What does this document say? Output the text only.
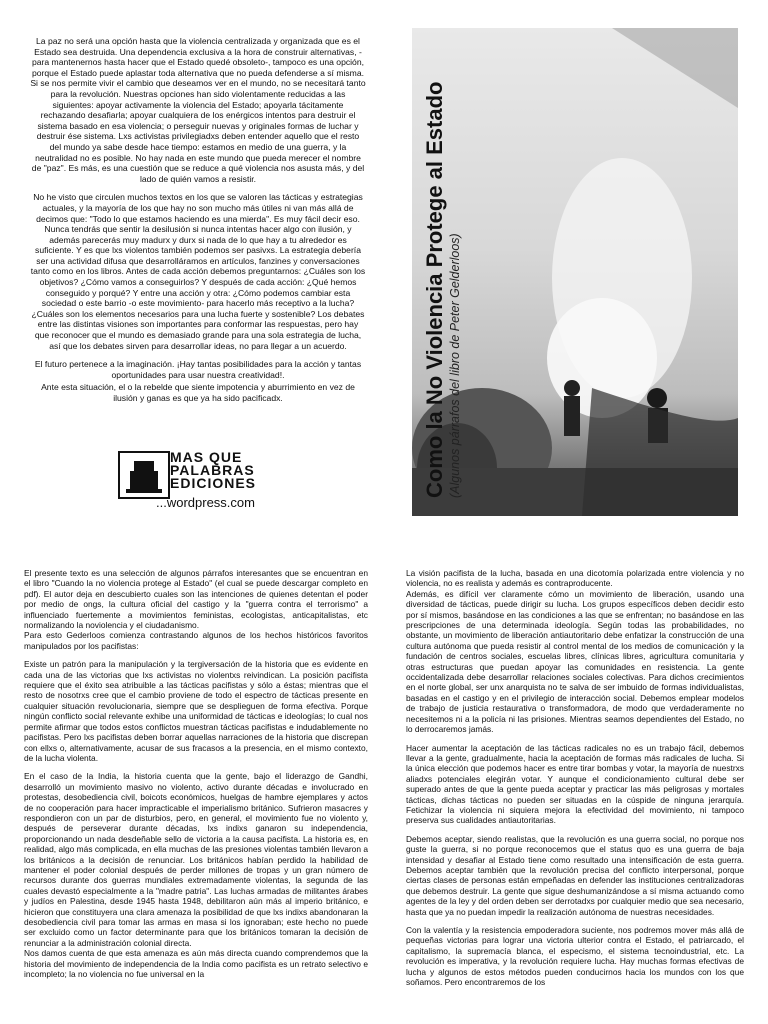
La paz no será una opción hasta que la violencia centralizada y organizada que es el Estado sea destruida. Una dependencia exclusiva a la hora de construir alternativas, -para mantenernos hasta hacer que el Estado quedé obsoleto-, tampoco es una opción, porque el Estado puede aplastar toda alternativa que no pueda defenderse a sí misma. Si se nos permite vivir el cambio que deseamos ver en el mundo, no se necesitará tanto para la revolución. Nuestras opciones han sido violentamente reducidas a las siguientes: apoyar activamente la violencia del Estado; apoyarla tácitamente rechazando desafiarla; apoyar cualquiera de los enérgicos intentos para destruir el sistema basado en esa violencia; o perseguir nuevas y originales formas de luchar y destruir ése sistema. Lxs activistas privilegiadxs deben entender aquello que el resto del mundo ya sabe desde hace tiempo: estamos en medio de una guerra, y la neutralidad no es posible. No hay nada en este mundo que pueda merecer el nombre de "paz". Es más, es una cuestión que se reduce a qué violencia nos asusta más, y del lado de quién vamos a resistir.

No he visto que circulen muchos textos en los que se valoren las tácticas y estrategias actuales, y la mayoría de los que hay no son mucho más útiles ni van más allá de decimos que: "Todo lo que estamos haciendo es una mierda". Es muy fácil decir eso. Nunca tendrás que sentir la desilusión si nunca intentas hacer algo con ilusión, y además parecerás muy madurx y durx si nada de lo que hay a tu alrededor es suficiente. Y es que lxs violentos también podemos ser pasivxs. La estrategia debería ser una actividad difusa que desarrolláramos en artículos, fanzines y conversaciones tanto como en los libros. Antes de cada acción debemos preguntarnos: ¿Cuáles son los objetivos? ¿Cómo vamos a conseguirlos? Y después de cada acción: ¿Qué hemos conseguido y porqué? Y entre una acción y otra: ¿Cómo podemos cambiar esta sociedad o este barrio -o este movimiento- para hacerlo más receptivo a la lucha? ¿Cuáles son los elementos necesarios para una lucha fuerte y sostenible? Los debates entre las distintas visiones son importantes para conformar las respuestas, pero hay que reconocer que el mundo es demasiado grande para una sola estrategia de lucha, así que los debates sirven para desarrollar ideas, no para llegar a un acuerdo.

El futuro pertenece a la imaginación. ¡Hay tantas posibilidades para la acción y tantas oportunidades para usar nuestra creatividad!.

Ante esta situación, el o la rebelde que siente impotencia y aburrimiento en vez de ilusión y ganas es que ya ha sido pacificadx.	Como la No Violencia Protege al Estado (Algunos párrafos del libro de Peter Gelderloos)
MAS QUE
PALABRAS
EDICIONES
...wordpress.com

El presente texto es una selección de algunos párrafos interesantes que se encuentran en el libro "Cuando la no violencia protege al Estado" (el cual se puede descargar completo en pdf). El autor deja en descubierto cuales son las intenciones de quienes detentan el poder por medio de ongs, la cultura oficial del castigo y la "guerra contra el terrorismo" a influenciado fuertemente a movimientos feministas, ecologistas, anticapitalistas, etc normalizando la noviolencia y el ciudadanismo.

Para esto Gederloos comienza contrastando algunos de los hechos históricos favoritos manipulados por los pacifistas:

Existe un patrón para la manipulación y la tergiversación de la historia que es evidente en cada una de las victorias que lxs activistas no violentxs reivindican. La posición pacifista requiere que el éxito sea atribuible a las tácticas pacifistas y sólo a éstas; mientras que el resto de nosotrxs cree que el cambio proviene de todo el espectro de tácticas presente en cualquier situación revolucionaria, siempre que se desplieguen de forma efectiva. Porque ningún conflicto social relevante exhibe una uniformidad de tácticas e ideologías; lo cual nos permite afirmar que todos estos conflictos muestran tácticas pacifistas e indudablemente no pacifistas. Pero lxs pacifistas deben borrar aquellas narraciones de la historia que discrepan con ellxs o, alternativamente, acusar de sus fracasos a la presencia, en el mismo contexto, de la lucha violenta.

En el caso de la India, la historia cuenta que la gente, bajo el liderazgo de Gandhi, desarrolló un movimiento masivo no violento, activo durante décadas e involucrado en protestas, desobediencia civil, boicots económicos, huelgas de hambre ejemplares y actos de no cooperación para hacer impracticable el imperialismo británico. Sufrieron masacres y respondieron con un par de disturbios, pero, en general, el movimiento fue no violento y, después de perseverar durante décadas, lxs indixs ganaron su independencia, proporcionando un nada desdeñable sello de victoria a la causa pacifista. La historia es, en realidad, algo más complicada, en ella muchas de las presiones violentas también llevaron a los británicos a la decisión de renunciar. Los británicos habían perdido la habilidad de mantener el poder colonial después de perder millones de tropas y un gran número de recursos durante dos guerras mundiales extremadamente violentas, la segunda de las cuales devastó especialmente a la "madre patria". Las luchas armadas de militantes árabes y judíos en Palestina, desde 1945 hasta 1948, debilitaron aún más al imperio británico, e hicieron que constituyera una clara amenaza la posibilidad de que lxs indixs abandonaran la desobediencia civil para tomar las armas en masa si los ignoraban; este hecho no puede ser excluido como un factor determinante para que los británicos tomaran la decisión de renunciar a la administración colonial directa.

Nos damos cuenta de que esta amenaza es aún más directa cuando comprendemos que la historia del movimiento de independencia de la India como pacifista es un retrato selectivo e incompleto; la no violencia no fue universal en la

La visión pacifista de la lucha, basada en una dicotomía polarizada entre violencia y no violencia, no es realista y además es contraproducente.

Además, es difícil ver claramente cómo un movimiento de liberación, usando una diversidad de tácticas, puede dirigir su lucha. Los grupos específicos deben decidir esto por sí mismos, basándose en las condiciones a las que se enfrentan; no basándose en las prescripciones de una determinada ideología. Según todas las probabilidades, no obstante, un movimiento de liberación antiautoritario debe enfatizar la construcción de una cultura autónoma que pueda resistir al control mental de los medios de comunicación y la fundación de centros sociales, escuelas libres, clínicas libres, agricultura comunitaria y otras estructuras que puedan apoyar las comunidades en resistencia. La gente occidentalizada debe desarrollar relaciones sociales colectivas. Para dichos crecimientos en el norte global, ser unx anarquista no te salva de ser imbuido de formas individualistas, basadas en el castigo y en el privilegio de interacción social. Debemos emplear modelos de trabajo de justicia restaurativa o transformadora, de modo que verdaderamente no necesitemos ni a la policía ni las prisiones. Mientras seamos dependientes del Estado, no lo derrocaremos jamás.

Hacer aumentar la aceptación de las tácticas radicales no es un trabajo fácil, debemos llevar a la gente, gradualmente, hacia la aceptación de formas más radicales de lucha. Si la única elección que podemos hacer es entre tirar bombas y votar, la mayoría de nuestrxs aliadxs potenciales elegirán votar. Y aunque el condicionamiento cultural debe ser superado antes de que la gente pueda aceptar y practicar las más peligrosas y mortales tácticas, dichas tácticas no pueden ser situadas en la cúspide de ninguna jerarquía. Fetichizar la violencia ni siquiera mejora la efectividad del movimiento, ni tampoco preserva sus cualidades antiautoritarias.

Debemos aceptar, siendo realistas, que la revolución es una guerra social, no porque nos guste la guerra, si no porque reconocemos que el status quo es una guerra de baja intensidad y desafiar al Estado tiene como resultado una intensificación de esta guerra. Debemos aceptar también que la revolución precisa del conflicto interpersonal, porque ciertas clases de personas están empeñadas en defender las instituciones centralizadoras que debemos destruir. La gente que sigue deshumanizándose a sí misma actuando como agentes de la ley y del orden deben ser derrotadxs por cualquier medio que sea necesario, hasta que ya no puedan impedir la realización autónoma de nuestras necesidades.

Con la valentía y la resistencia empoderadora suciente, nos podremos mover más allá de pequeñas victorias para lograr una victoria ulterior contra el Estado, el patriarcado, el capitalismo, la supremacía blanca, el especismo, el sistema tecnoindustrial, etc. La revolución es imperativa, y la revolución requiere lucha. Hay muchas formas efectivas de lucha y algunos de estos métodos pueden conducirnos hacia los mundos con los que soñamos. Pero encontraremos de los
